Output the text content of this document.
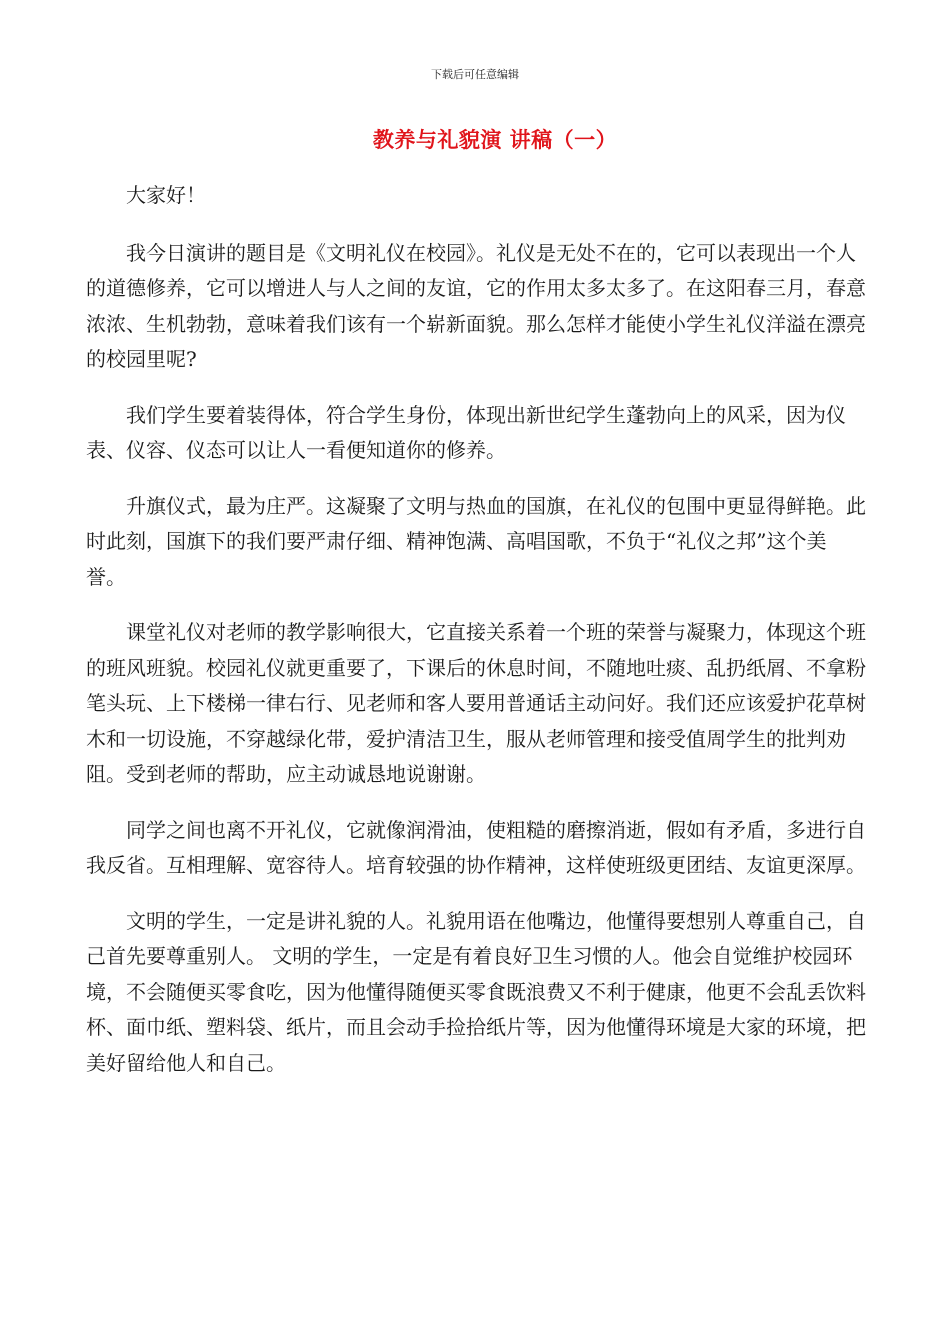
下载后可任意编辑
教养与礼貌演 讲稿（一）

大家好！

我今日演讲的题目是《文明礼仪在校园》。礼仪是无处不在的，它可以表现出一个人的道德修养，它可以增进人与人之间的友谊，它的作用太多太多了。在这阳春三月，春意浓浓、生机勃勃，意味着我们该有一个崭新面貌。那么怎样才能使小学生礼仪洋溢在漂亮的校园里呢?

我们学生要着装得体，符合学生身份，体现出新世纪学生蓬勃向上的风采，因为仪表、仪容、仪态可以让人一看便知道你的修养。

升旗仪式，最为庄严。这凝聚了文明与热血的国旗，在礼仪的包围中更显得鲜艳。此时此刻，国旗下的我们要严肃仔细、精神饱满、高唱国歌，不负于“礼仪之邦”这个美誉。

课堂礼仪对老师的教学影响很大，它直接关系着一个班的荣誉与凝聚力，体现这个班的班风班貌。校园礼仪就更重要了，下课后的休息时间，不随地吐痰、乱扔纸屑、不拿粉笔头玩、上下楼梯一律右行、见老师和客人要用普通话主动问好。我们还应该爱护花草树木和一切设施，不穿越绿化带，爱护清洁卫生，服从老师管理和接受值周学生的批判劝阻。受到老师的帮助，应主动诚恳地说谢谢。

同学之间也离不开礼仪，它就像润滑油，使粗糙的磨擦消逝，假如有矛盾，多进行自我反省。互相理解、宽容待人。培育较强的协作精神，这样使班级更团结、友谊更深厚。

文明的学生，一定是讲礼貌的人。礼貌用语在他嘴边，他懂得要想别人尊重自己，自己首先要尊重别人。 文明的学生，一定是有着良好卫生习惯的人。他会自觉维护校园环境，不会随便买零食吃，因为他懂得随便买零食既浪费又不利于健康，他更不会乱丢饮料杯、面巾纸、塑料袋、纸片，而且会动手捡拾纸片等，因为他懂得环境是大家的环境，把美好留给他人和自己。
